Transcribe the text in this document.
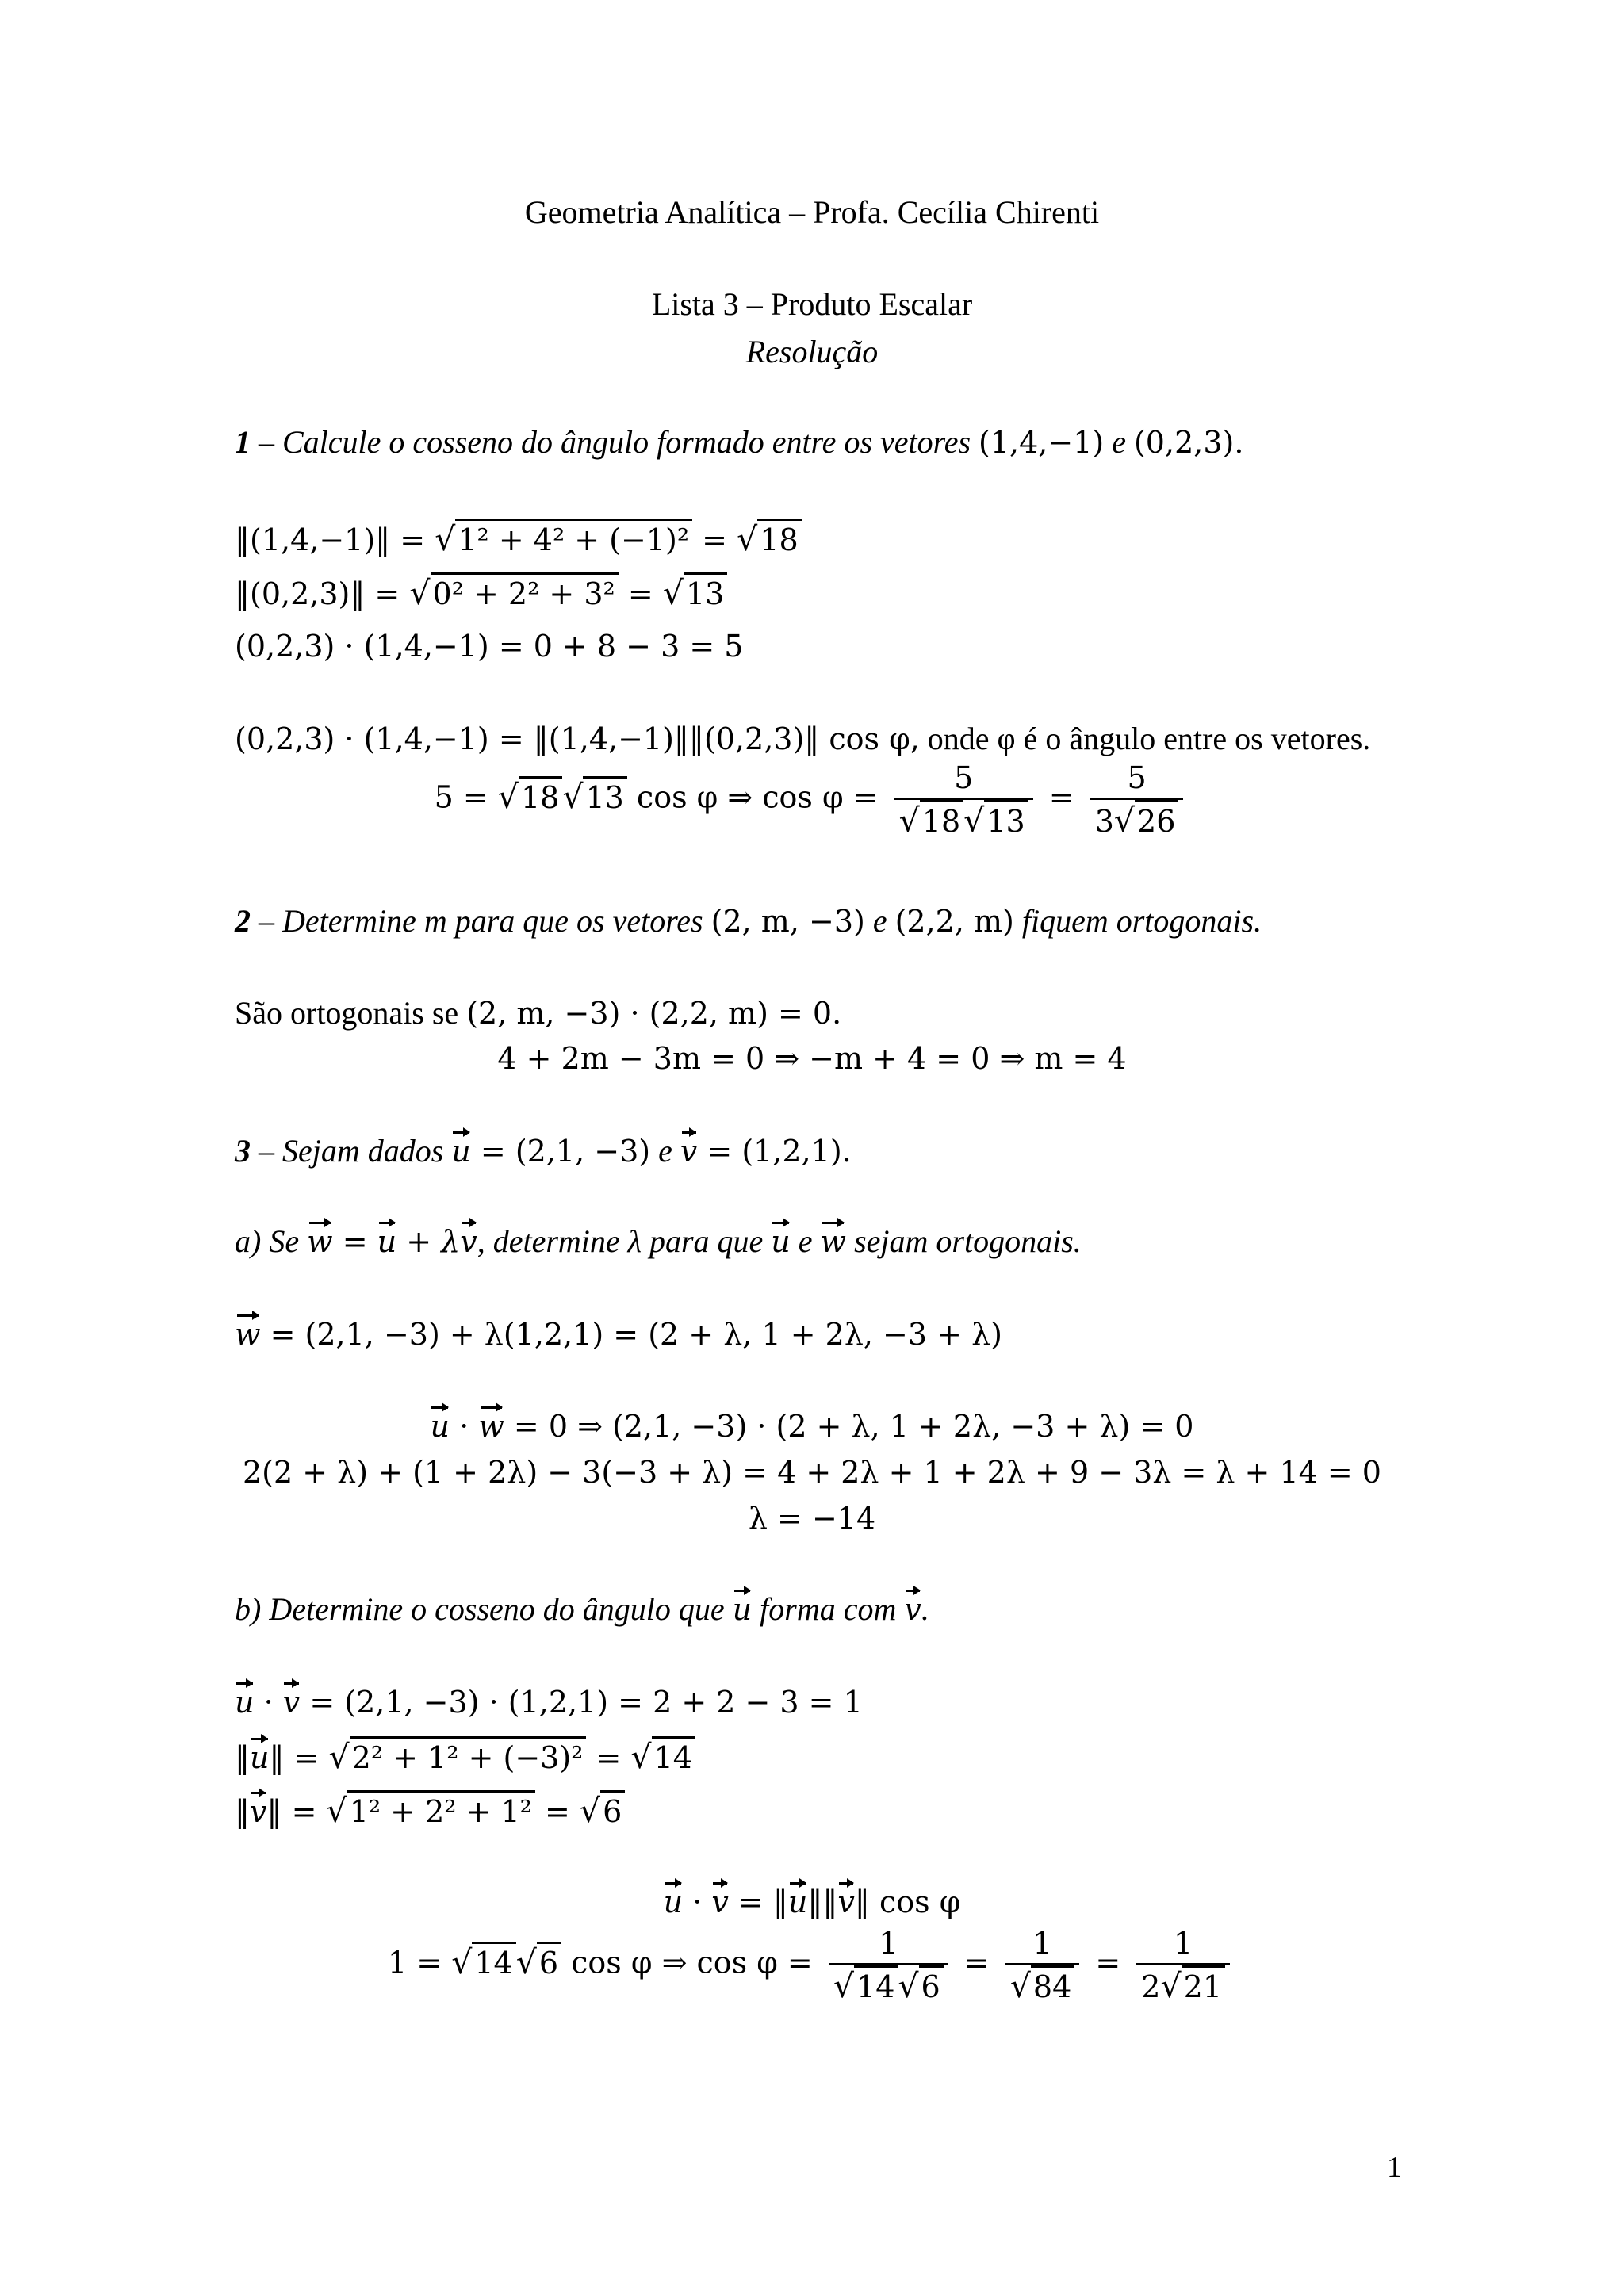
Geometria Analítica – Profa. Cecília Chirenti
Lista 3 – Produto Escalar
Resolução
1 – Calcule o cosseno do ângulo formado entre os vetores (1,4,−1) e (0,2,3).
‖(1,4,−1)‖ = √1² + 4² + (−1)² = √18
‖(0,2,3)‖ = √0² + 2² + 3² = √13
(0,2,3) · (1,4,−1) = 0 + 8 − 3 = 5
(0,2,3) · (1,4,−1) = ‖(1,4,−1)‖‖(0,2,3)‖ cos φ, onde φ é o ângulo entre os vetores.
5 = √18√13 cos φ ⇒ $\cos \varphi = \frac{5}{√18√13} = \frac{5}{3√26}$
2 – Determine m para que os vetores (2, m, −3) e (2,2, m) fiquem ortogonais.
São ortogonais se (2, m, −3) · (2,2, m) = 0.
4 + 2m − 3m = 0 ⇒ −m + 4 = 0 ⇒ m = 4
3 – Sejam dados u = (2,1, −3) e v = (1,2,1).
a) Se w = u + λv, determine λ para que u e w sejam ortogonais.
w = (2,1, −3) + λ(1,2,1) = (2 + λ, 1 + 2λ, −3 + λ)
u · w = 0 ⇒ (2,1, −3) · (2 + λ, 1 + 2λ, −3 + λ) = 0
2(2 + λ) + (1 + 2λ) − 3(−3 + λ) = 4 + 2λ + 1 + 2λ + 9 − 3λ = λ + 14 = 0
λ = −14
b) Determine o cosseno do ângulo que u forma com v.
u · v = (2,1, −3) · (1,2,1) = 2 + 2 − 3 = 1
‖u‖ = √2² + 1² + (−3)² = √14
‖v‖ = √1² + 2² + 1² = √6
u · v = ‖u‖‖v‖ cos φ
1 = √14√6 cos φ ⇒ $\cos \varphi = \frac{1}{√14√6} = \frac{1}{√84} = \frac{1}{2√21}$
1
